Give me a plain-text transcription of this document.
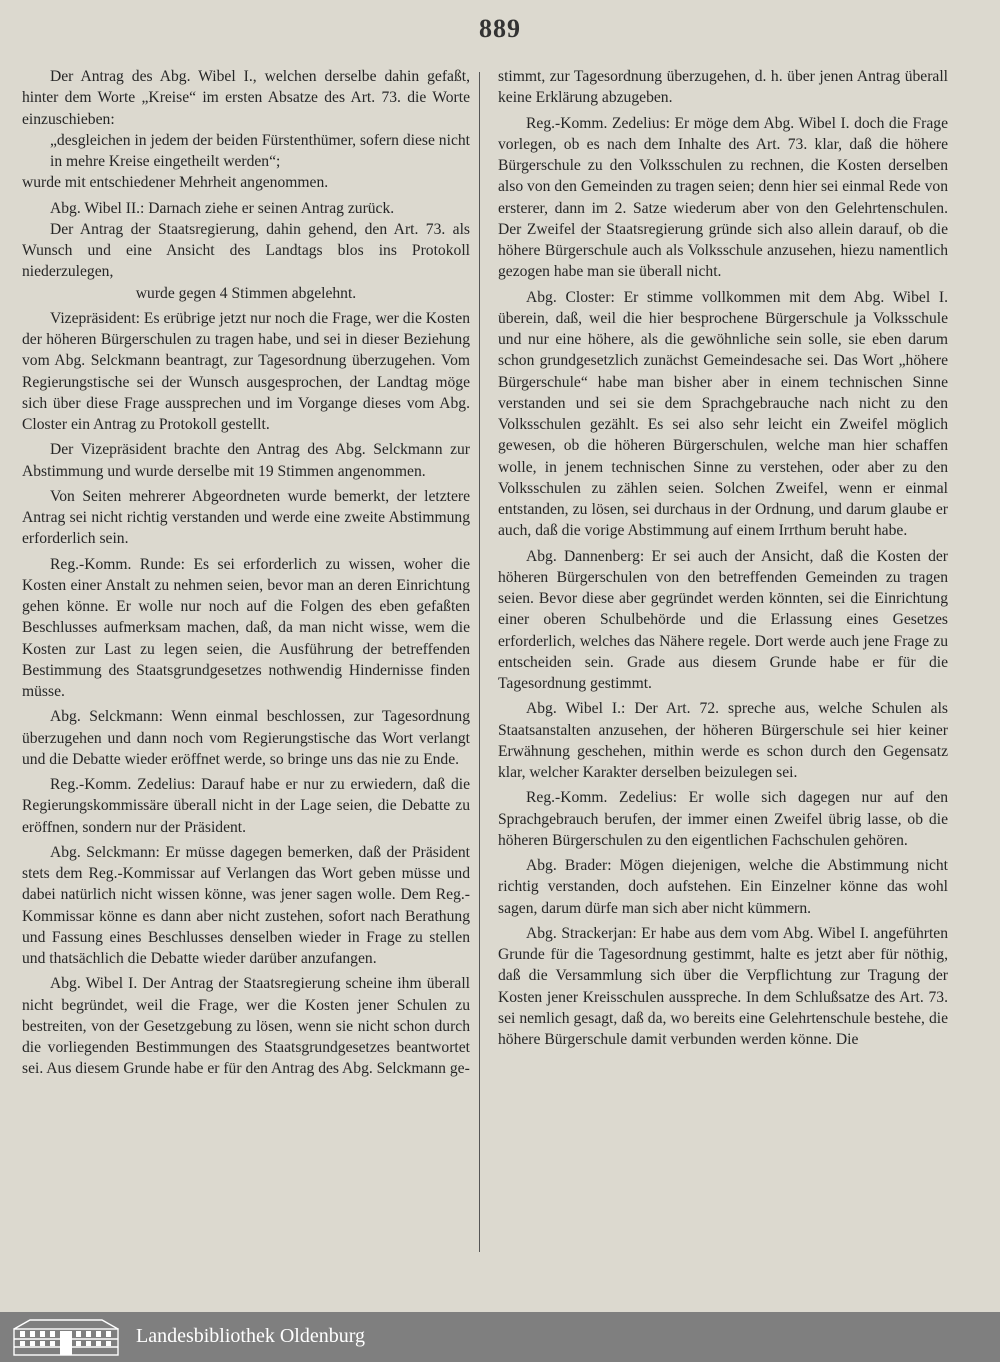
889

Der Antrag des Abg. Wibel I., welchen derselbe dahin gefaßt, hinter dem Worte „Kreise“ im ersten Absatze des Art. 73. die Worte einzuschieben:

„desgleichen in jedem der beiden Fürstenthümer, sofern diese nicht in mehre Kreise eingetheilt werden“;

wurde mit entschiedener Mehrheit angenommen.

Abg. Wibel II.: Darnach ziehe er seinen Antrag zurück.

Der Antrag der Staatsregierung, dahin gehend, den Art. 73. als Wunsch und eine Ansicht des Landtags blos ins Protokoll niederzulegen,

wurde gegen 4 Stimmen abgelehnt.

Vizepräsident: Es erübrige jetzt nur noch die Frage, wer die Kosten der höheren Bürgerschulen zu tragen habe, und sei in dieser Beziehung vom Abg. Selckmann beantragt, zur Tagesordnung überzugehen. Vom Regierungstische sei der Wunsch ausgesprochen, der Landtag möge sich über diese Frage aussprechen und im Vorgange dieses vom Abg. Closter ein Antrag zu Protokoll gestellt.

Der Vizepräsident brachte den Antrag des Abg. Selckmann zur Abstimmung und wurde derselbe mit 19 Stimmen angenommen.

Von Seiten mehrerer Abgeordneten wurde bemerkt, der letztere Antrag sei nicht richtig verstanden und werde eine zweite Abstimmung erforderlich sein.

Reg.-Komm. Runde: Es sei erforderlich zu wissen, woher die Kosten einer Anstalt zu nehmen seien, bevor man an deren Einrichtung gehen könne. Er wolle nur noch auf die Folgen des eben gefaßten Beschlusses aufmerksam machen, daß, da man nicht wisse, wem die Kosten zur Last zu legen seien, die Ausführung der betreffenden Bestimmung des Staatsgrundgesetzes nothwendig Hindernisse finden müsse.

Abg. Selckmann: Wenn einmal beschlossen, zur Tagesordnung überzugehen und dann noch vom Regierungstische das Wort verlangt und die Debatte wieder eröffnet werde, so bringe uns das nie zu Ende.

Reg.-Komm. Zedelius: Darauf habe er nur zu erwiedern, daß die Regierungskommissäre überall nicht in der Lage seien, die Debatte zu eröffnen, sondern nur der Präsident.

Abg. Selckmann: Er müsse dagegen bemerken, daß der Präsident stets dem Reg.-Kommissar auf Verlangen das Wort geben müsse und dabei natürlich nicht wissen könne, was jener sagen wolle. Dem Reg.-Kommissar könne es dann aber nicht zustehen, sofort nach Berathung und Fassung eines Beschlusses denselben wieder in Frage zu stellen und thatsächlich die Debatte wieder darüber anzufangen.

Abg. Wibel I. Der Antrag der Staatsregierung scheine ihm überall nicht begründet, weil die Frage, wer die Kosten jener Schulen zu bestreiten, von der Gesetzgebung zu lösen, wenn sie nicht schon durch die vorliegenden Bestimmungen des Staatsgrundgesetzes beantwortet sei. Aus diesem Grunde habe er für den Antrag des Abg. Selckmann ge-

stimmt, zur Tagesordnung überzugehen, d. h. über jenen Antrag überall keine Erklärung abzugeben.

Reg.-Komm. Zedelius: Er möge dem Abg. Wibel I. doch die Frage vorlegen, ob es nach dem Inhalte des Art. 73. klar, daß die höhere Bürgerschule zu den Volksschulen zu rechnen, die Kosten derselben also von den Gemeinden zu tragen seien; denn hier sei einmal Rede von ersterer, dann im 2. Satze wiederum aber von den Gelehrtenschulen. Der Zweifel der Staatsregierung gründe sich also allein darauf, ob die höhere Bürgerschule auch als Volksschule anzusehen, hiezu namentlich gezogen habe man sie überall nicht.

Abg. Closter: Er stimme vollkommen mit dem Abg. Wibel I. überein, daß, weil die hier besprochene Bürgerschule ja Volksschule und nur eine höhere, als die gewöhnliche sein solle, sie eben darum schon grundgesetzlich zunächst Gemeindesache sei. Das Wort „höhere Bürgerschule“ habe man bisher aber in einem technischen Sinne verstanden und sei sie dem Sprachgebrauche nach nicht zu den Volksschulen gezählt. Es sei also sehr leicht ein Zweifel möglich gewesen, ob die höheren Bürgerschulen, welche man hier schaffen wolle, in jenem technischen Sinne zu verstehen, oder aber zu den Volksschulen zu zählen seien. Solchen Zweifel, wenn er einmal entstanden, zu lösen, sei durchaus in der Ordnung, und darum glaube er auch, daß die vorige Abstimmung auf einem Irrthum beruht habe.

Abg. Dannenberg: Er sei auch der Ansicht, daß die Kosten der höheren Bürgerschulen von den betreffenden Gemeinden zu tragen seien. Bevor diese aber gegründet werden könnten, sei die Einrichtung einer oberen Schulbehörde und die Erlassung eines Gesetzes erforderlich, welches das Nähere regele. Dort werde auch jene Frage zu entscheiden sein. Grade aus diesem Grunde habe er für die Tagesordnung gestimmt.

Abg. Wibel I.: Der Art. 72. spreche aus, welche Schulen als Staatsanstalten anzusehen, der höheren Bürgerschule sei hier keiner Erwähnung geschehen, mithin werde es schon durch den Gegensatz klar, welcher Karakter derselben beizulegen sei.

Reg.-Komm. Zedelius: Er wolle sich dagegen nur auf den Sprachgebrauch berufen, der immer einen Zweifel übrig lasse, ob die höheren Bürgerschulen zu den eigentlichen Fachschulen gehören.

Abg. Brader: Mögen diejenigen, welche die Abstimmung nicht richtig verstanden, doch aufstehen. Ein Einzelner könne das wohl sagen, darum dürfe man sich aber nicht kümmern.

Abg. Strackerjan: Er habe aus dem vom Abg. Wibel I. angeführten Grunde für die Tagesordnung gestimmt, halte es jetzt aber für nöthig, daß die Versammlung sich über die Verpflichtung zur Tragung der Kosten jener Kreisschulen ausspreche. In dem Schlußsatze des Art. 73. sei nemlich gesagt, daß da, wo bereits eine Gelehrtenschule bestehe, die höhere Bürgerschule damit verbunden werden könne. Die

Landesbibliothek Oldenburg
